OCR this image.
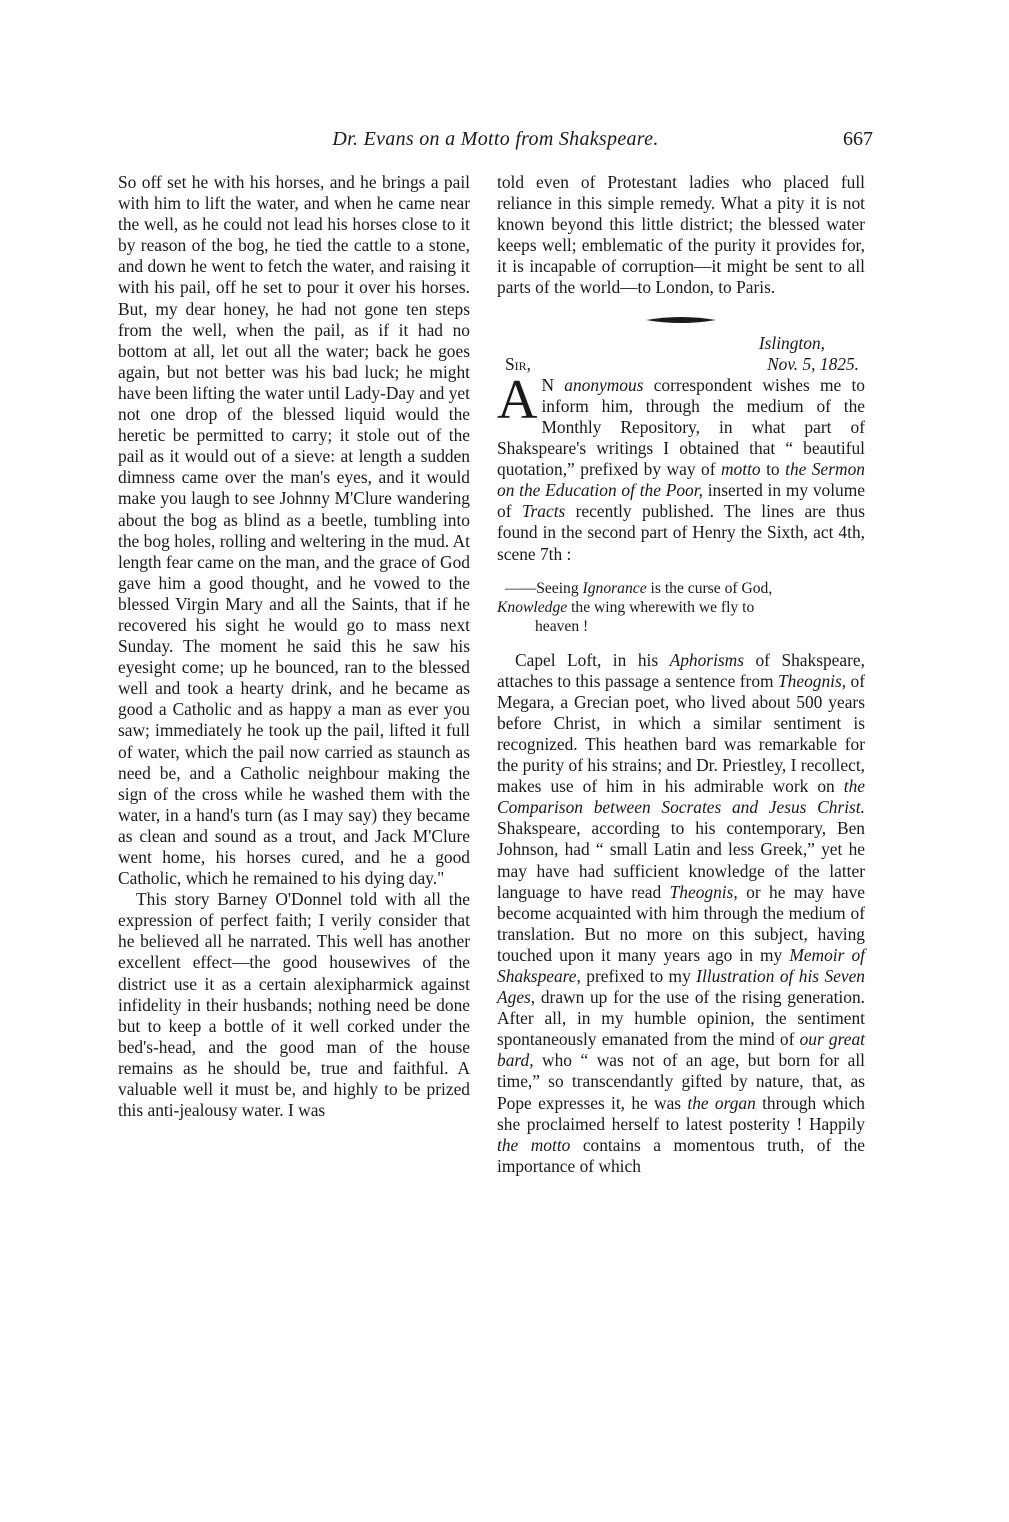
Dr. Evans on a Motto from Shakspeare.	667

So off set he with his horses, and he brings a pail with him to lift the water, and when he came near the well, as he could not lead his horses close to it by reason of the bog, he tied the cattle to a stone, and down he went to fetch the water, and raising it with his pail, off he set to pour it over his horses. But, my dear honey, he had not gone ten steps from the well, when the pail, as if it had no bottom at all, let out all the water; back he goes again, but not better was his bad luck; he might have been lifting the water until Lady-Day and yet not one drop of the blessed liquid would the heretic be permitted to carry; it stole out of the pail as it would out of a sieve: at length a sudden dimness came over the man's eyes, and it would make you laugh to see Johnny M'Clure wandering about the bog as blind as a beetle, tumbling into the bog holes, rolling and weltering in the mud. At length fear came on the man, and the grace of God gave him a good thought, and he vowed to the blessed Virgin Mary and all the Saints, that if he recovered his sight he would go to mass next Sunday. The moment he said this he saw his eyesight come; up he bounced, ran to the blessed well and took a hearty drink, and he became as good a Catholic and as happy a man as ever you saw; immediately he took up the pail, lifted it full of water, which the pail now carried as staunch as need be, and a Catholic neighbour making the sign of the cross while he washed them with the water, in a hand's turn (as I may say) they became as clean and sound as a trout, and Jack M'Clure went home, his horses cured, and he a good Catholic, which he remained to his dying day."

This story Barney O'Donnel told with all the expression of perfect faith; I verily consider that he believed all he narrated. This well has another excellent effect—the good housewives of the district use it as a certain alexipharmick against infidelity in their husbands; nothing need be done but to keep a bottle of it well corked under the bed's-head, and the good man of the house remains as he should be, true and faithful. A valuable well it must be, and highly to be prized this anti-jealousy water. I was

told even of Protestant ladies who placed full reliance in this simple remedy. What a pity it is not known beyond this little district; the blessed water keeps well; emblematic of the purity it provides for, it is incapable of corruption—it might be sent to all parts of the world—to London, to Paris.

Islington,
Sir,	Nov. 5, 1825.

A N anonymous correspondent wishes me to inform him, through the medium of the Monthly Repository, in what part of Shakspeare's writings I obtained that “ beautiful quotation,” prefixed by way of motto to the Sermon on the Education of the Poor, inserted in my volume of Tracts recently published. The lines are thus found in the second part of Henry the Sixth, act 4th, scene 7th :

——Seeing Ignorance is the curse of God,
Knowledge the wing wherewith we fly to
heaven !

Capel Loft, in his Aphorisms of Shakspeare, attaches to this passage a sentence from Theognis, of Megara, a Grecian poet, who lived about 500 years before Christ, in which a similar sentiment is recognized. This heathen bard was remarkable for the purity of his strains; and Dr. Priestley, I recollect, makes use of him in his admirable work on the Comparison between Socrates and Jesus Christ. Shakspeare, according to his contemporary, Ben Johnson, had “ small Latin and less Greek,” yet he may have had sufficient knowledge of the latter language to have read Theognis, or he may have become acquainted with him through the medium of translation. But no more on this subject, having touched upon it many years ago in my Memoir of Shakspeare, prefixed to my Illustration of his Seven Ages, drawn up for the use of the rising generation. After all, in my humble opinion, the sentiment spontaneously emanated from the mind of our great bard, who “ was not of an age, but born for all time,” so transcendantly gifted by nature, that, as Pope expresses it, he was the organ through which she proclaimed herself to latest posterity ! Happily the motto contains a momentous truth, of the importance of which
